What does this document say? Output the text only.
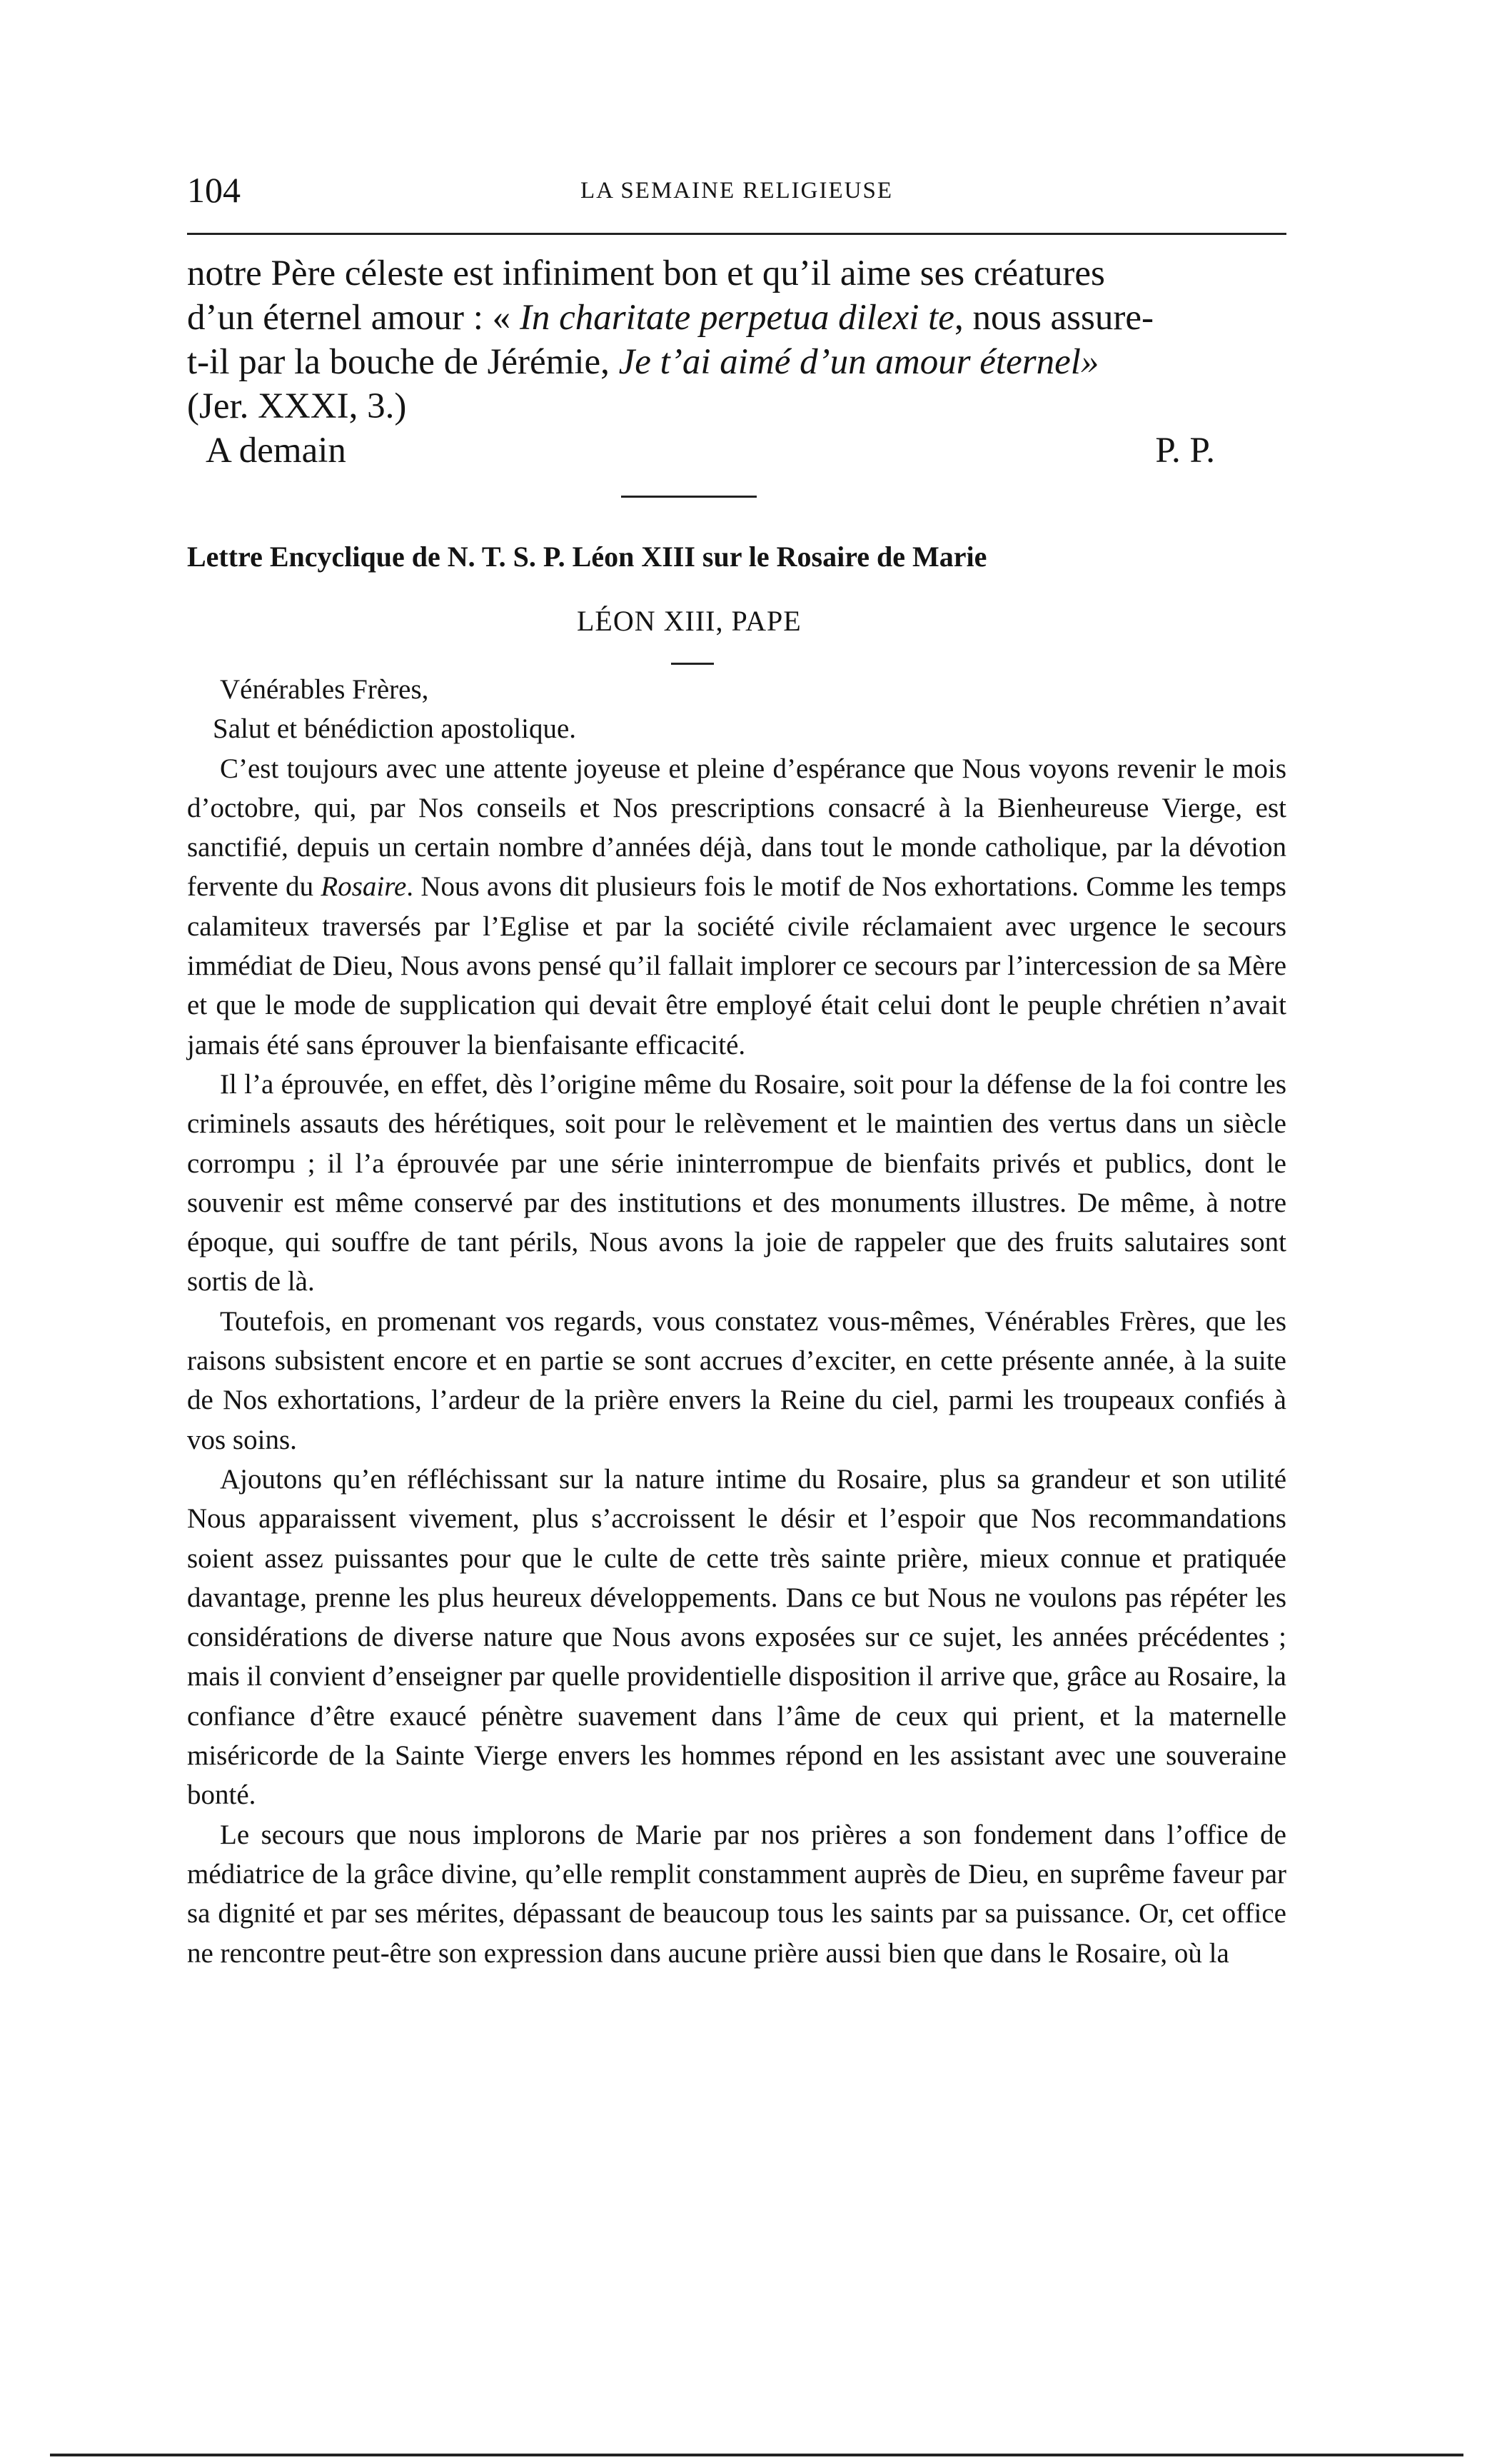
104	LA SEMAINE RELIGIEUSE

notre Père céleste est infiniment bon et qu’il aime ses créatures

d’un éternel amour : « In charitate perpetua dilexi te, nous assure-

t-il par la bouche de Jérémie, Je t’ai aimé d’un amour éternel»

(Jer. XXXI, 3.)

A demain	P. P.
Lettre Encyclique de N. T. S. P. Léon XIII sur le Rosaire de Marie
LÉON XIII, PAPE

Vénérables Frères,

Salut et bénédiction apostolique.

C’est toujours avec une attente joyeuse et pleine d’espérance que Nous voyons revenir le mois d’octobre, qui, par Nos conseils et Nos prescriptions consacré à la Bienheureuse Vierge, est sanctifié, depuis un certain nombre d’années déjà, dans tout le monde catholique, par la dévotion fervente du Rosaire. Nous avons dit plusieurs fois le motif de Nos exhortations. Comme les temps calamiteux traversés par l’Eglise et par la société civile réclamaient avec urgence le secours immédiat de Dieu, Nous avons pensé qu’il fallait implorer ce secours par l’intercession de sa Mère et que le mode de supplication qui devait être employé était celui dont le peuple chrétien n’avait jamais été sans éprouver la bienfaisante efficacité.

Il l’a éprouvée, en effet, dès l’origine même du Rosaire, soit pour la défense de la foi contre les criminels assauts des hérétiques, soit pour le relèvement et le maintien des vertus dans un siècle corrompu ; il l’a éprouvée par une série ininterrompue de bienfaits privés et publics, dont le souvenir est même conservé par des institutions et des monuments illustres. De même, à notre époque, qui souffre de tant périls, Nous avons la joie de rappeler que des fruits salutaires sont sortis de là.

Toutefois, en promenant vos regards, vous constatez vous-mêmes, Vénérables Frères, que les raisons subsistent encore et en partie se sont accrues d’exciter, en cette présente année, à la suite de Nos exhortations, l’ardeur de la prière envers la Reine du ciel, parmi les troupeaux confiés à vos soins.

Ajoutons qu’en réfléchissant sur la nature intime du Rosaire, plus sa grandeur et son utilité Nous apparaissent vivement, plus s’accroissent le désir et l’espoir que Nos recommandations soient assez puissantes pour que le culte de cette très sainte prière, mieux connue et pratiquée davantage, prenne les plus heureux développements. Dans ce but Nous ne voulons pas répéter les considérations de diverse nature que Nous avons exposées sur ce sujet, les années précédentes ; mais il convient d’enseigner par quelle providentielle disposition il arrive que, grâce au Rosaire, la confiance d’être exaucé pénètre suavement dans l’âme de ceux qui prient, et la maternelle miséricorde de la Sainte Vierge envers les hommes répond en les assistant avec une souveraine bonté.

Le secours que nous implorons de Marie par nos prières a son fondement dans l’office de médiatrice de la grâce divine, qu’elle remplit constamment auprès de Dieu, en suprême faveur par sa dignité et par ses mérites, dépassant de beaucoup tous les saints par sa puissance. Or, cet office ne rencontre peut-être son expression dans aucune prière aussi bien que dans le Rosaire, où la
